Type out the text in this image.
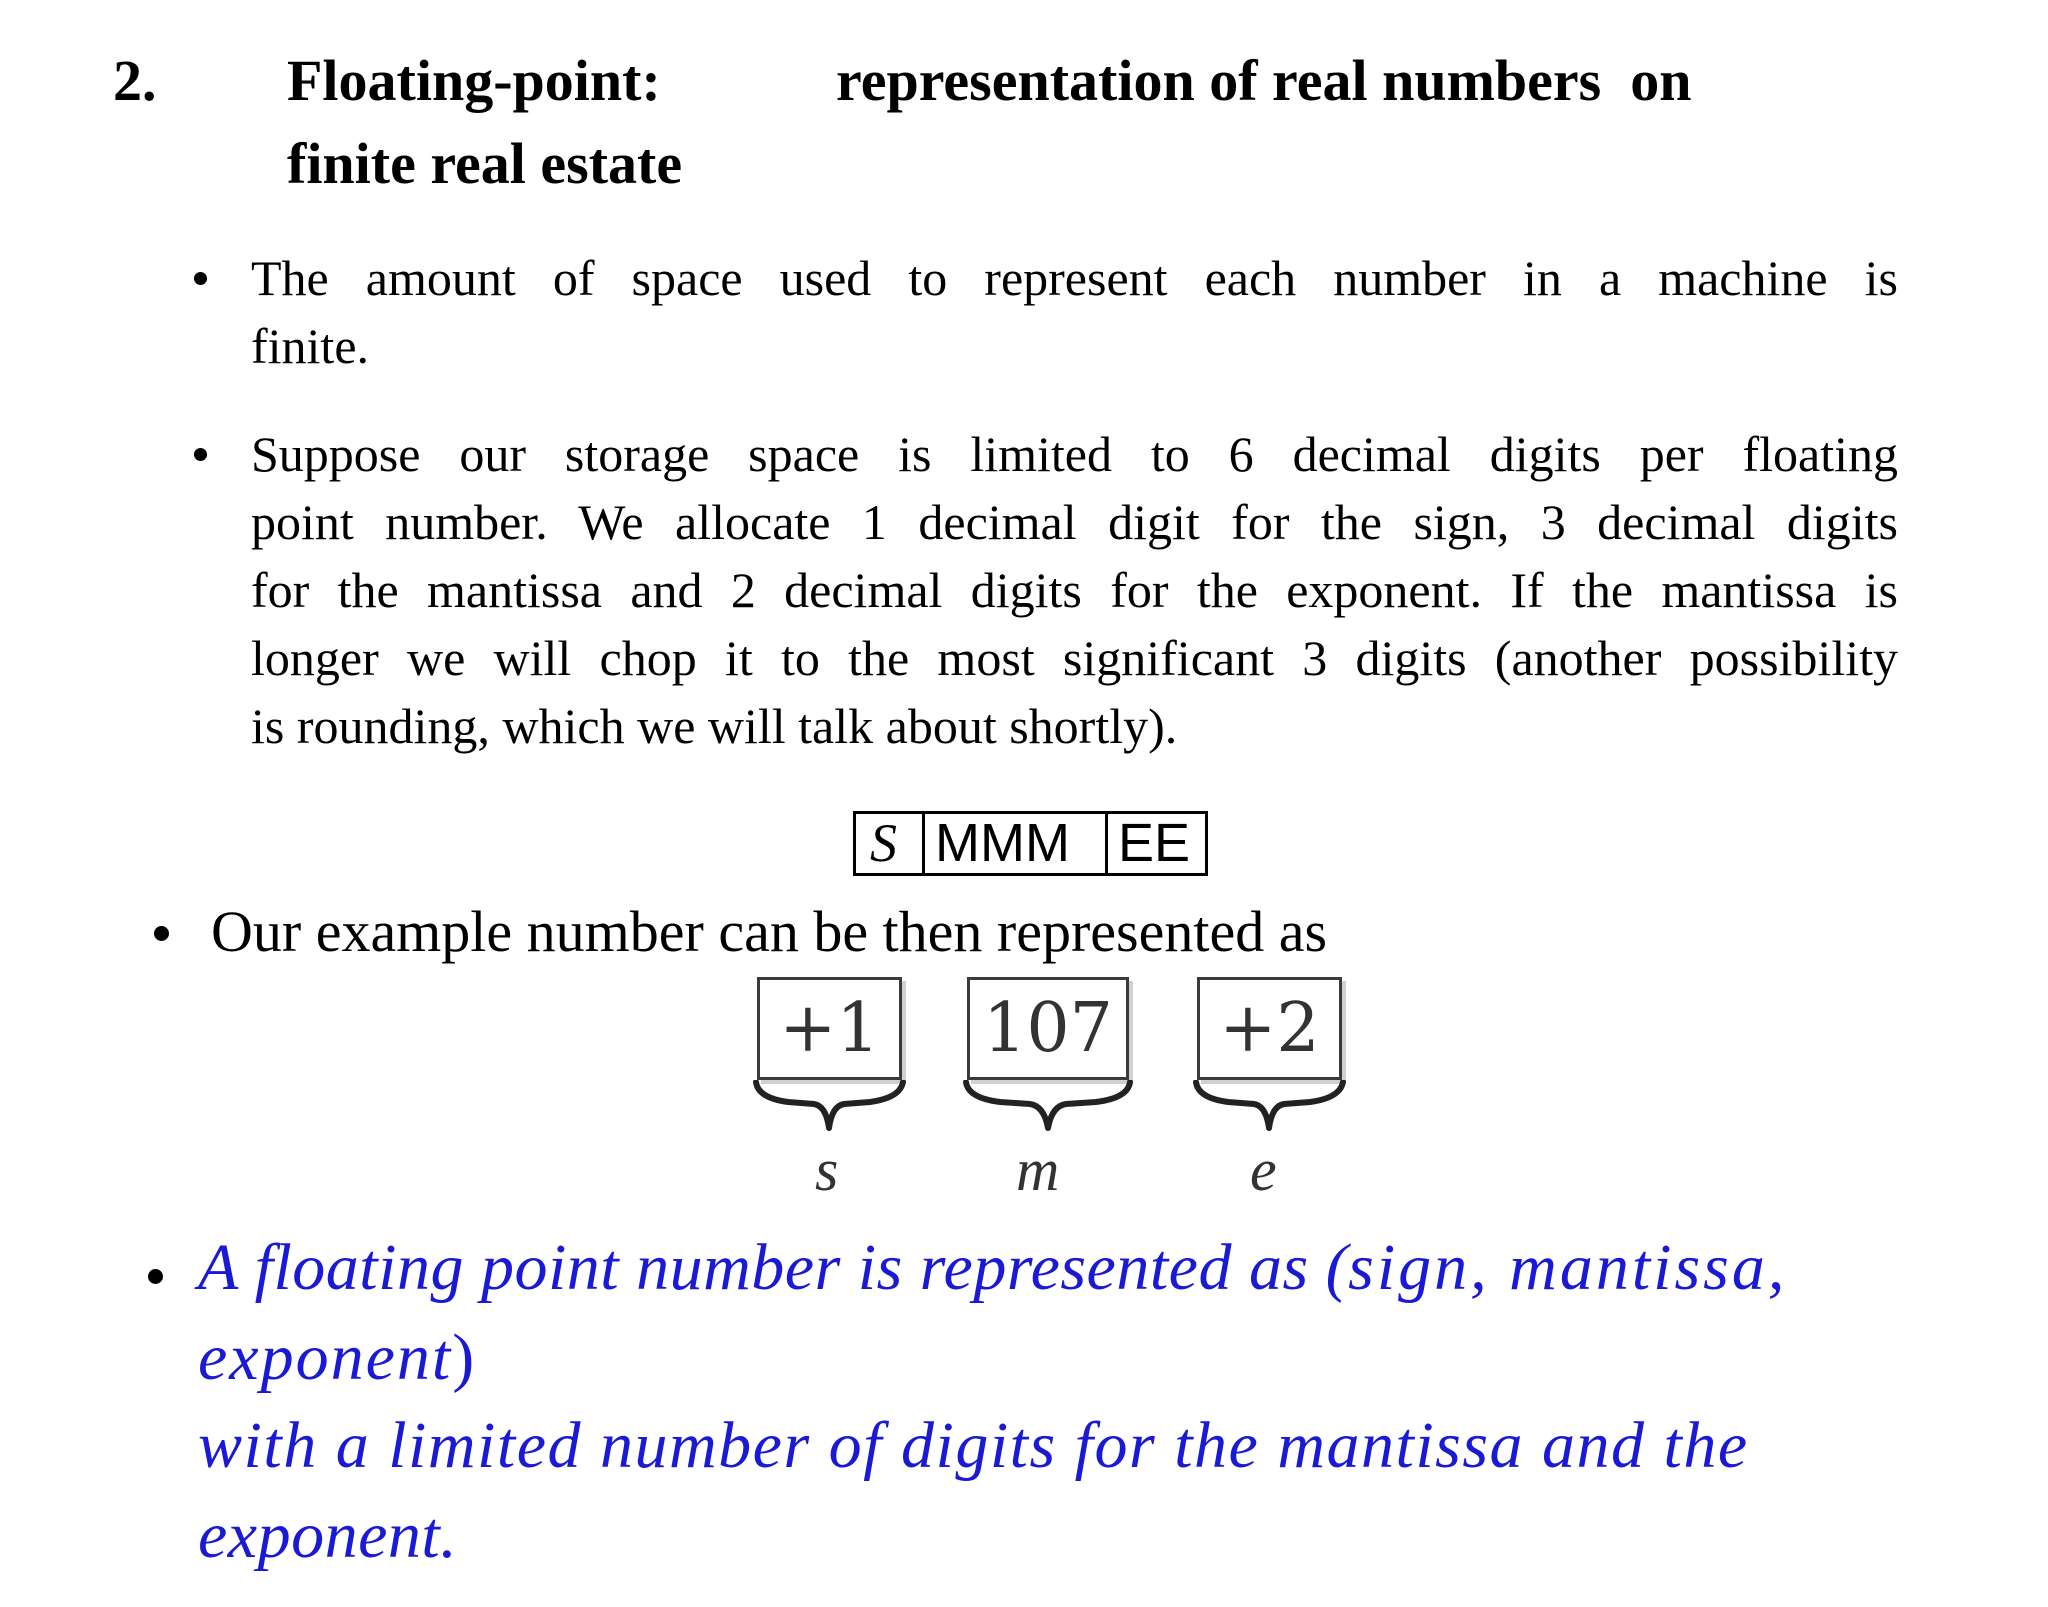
2. Floating-point:	representation of real numbers  on
finite real estate
The amount of space used to represent each number in a machine is
finite.
Suppose our storage space is limited to 6 decimal digits per floating
point number. We allocate 1 decimal digit for the sign, 3 decimal digits
for the mantissa and 2 decimal digits for the exponent. If the mantissa is
longer we will chop it to the most significant 3 digits (another possibility
is rounding, which we will talk about shortly).
S MMM EE
Our example number can be then represented as
+1	107	+2
s	m	e
A floating point number is represented as (sign, mantissa,
exponent)
with a limited number of digits for the mantissa and the
exponent.
